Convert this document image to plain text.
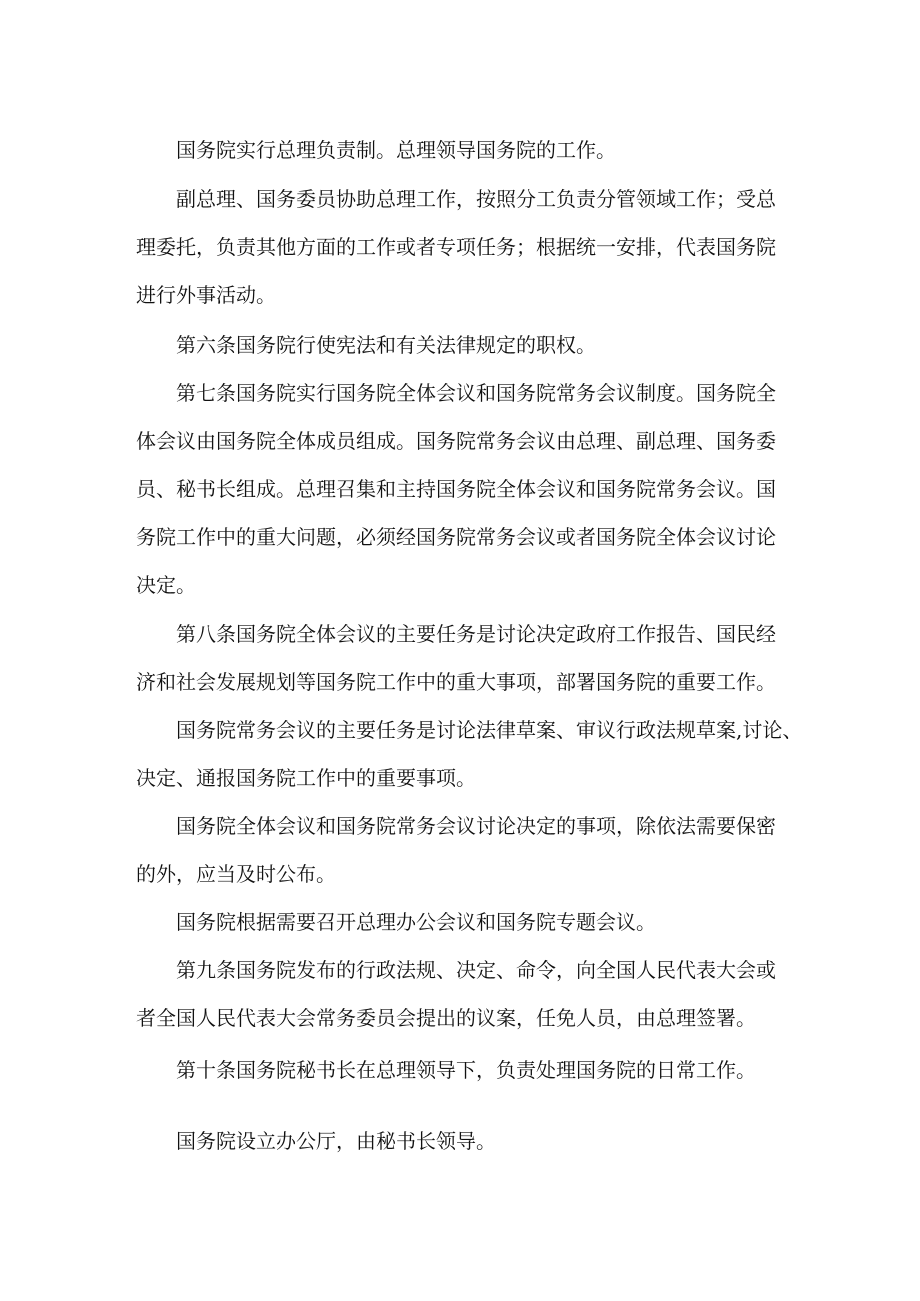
国务院实行总理负责制。总理领导国务院的工作。
副总理、国务委员协助总理工作，按照分工负责分管领域工作；受总
理委托，负责其他方面的工作或者专项任务；根据统一安排，代表国务院
进行外事活动。
第六条国务院行使宪法和有关法律规定的职权。
第七条国务院实行国务院全体会议和国务院常务会议制度。国务院全
体会议由国务院全体成员组成。国务院常务会议由总理、副总理、国务委
员、秘书长组成。总理召集和主持国务院全体会议和国务院常务会议。国
务院工作中的重大问题，必须经国务院常务会议或者国务院全体会议讨论
决定。
第八条国务院全体会议的主要任务是讨论决定政府工作报告、国民经
济和社会发展规划等国务院工作中的重大事项，部署国务院的重要工作。
国务院常务会议的主要任务是讨论法律草案、审议行政法规草案,讨论、
决定、通报国务院工作中的重要事项。
国务院全体会议和国务院常务会议讨论决定的事项，除依法需要保密
的外，应当及时公布。
国务院根据需要召开总理办公会议和国务院专题会议。
第九条国务院发布的行政法规、决定、命令，向全国人民代表大会或
者全国人民代表大会常务委员会提出的议案，任免人员，由总理签署。
第十条国务院秘书长在总理领导下，负责处理国务院的日常工作。
国务院设立办公厅，由秘书长领导。
